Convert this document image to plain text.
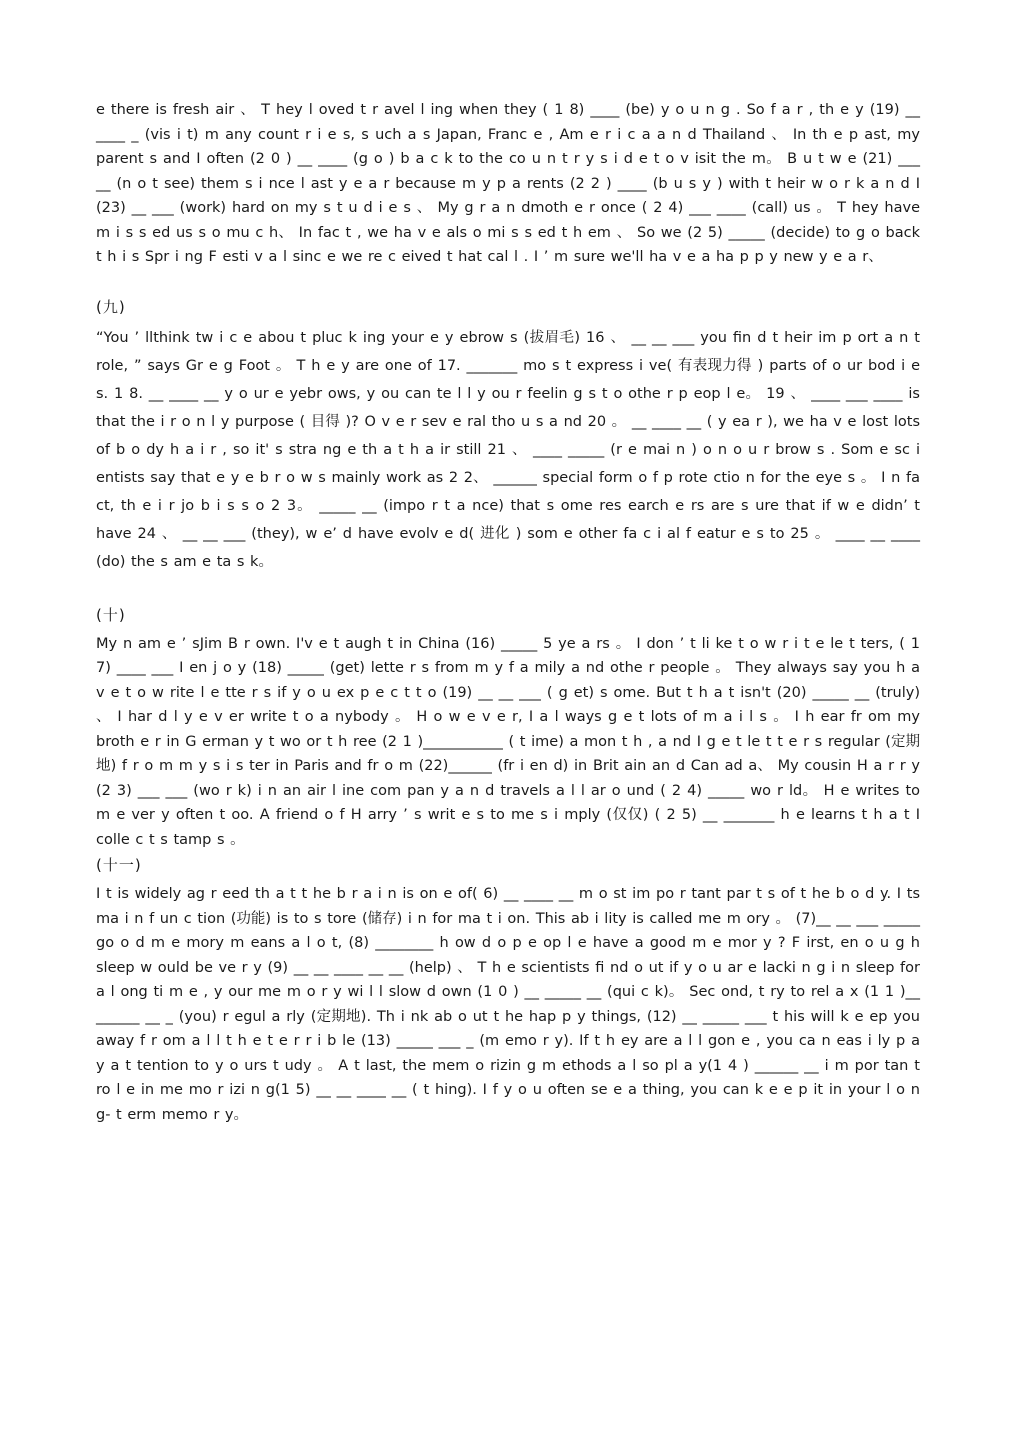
e there is fresh air 、 T hey l oved t r avel l ing when they ( 1 8) ____ (be) y o u n g . So f a r , th e y (19) __ ____ _ (vis i t) m any count r i e s, s uch a s Japan, Franc e , Am e r i c a a n d Thailand 、 In th e p ast, my parent s and I often (2 0 ) __ ____ (g o ) b a c k to the co u n t r y s i d e t o v isit the m。 B u t w e (21) ___ __ (n o t see) them s i nce l ast y e a r because m y p a rents (2 2 ) ____ (b u s y ) with t heir w o r k a n d I (23) __ ___ (work) hard on my s t u d i e s 、 My g r a n dmoth e r once ( 2 4) ___ ____ (call) us 。 T hey have m i s s ed us s o mu c h、 In fac t , we ha v e als o mi s s ed t h em 、 So we (2 5) _____ (decide) to g o back t h i s Spr i ng F esti v a l sinc e we re c eived t hat cal l . I ’ m sure we'll ha v e a ha p p y new y e a r、

(九)

“You ’ llthink tw i c e abou t pluc k ing your e y ebrow s (拔眉毛) 16 、 __ __ ___ you fin d t heir im p ort a n t role, ” says Gr e g Foot 。 T h e y are one of 17. _______ mo s t express i ve( 有表现力得 ) parts of o ur bod i e s. 1 8. __ ____ __ y o ur e yebr ows, y ou can te l l y ou r feelin g s t o othe r p eop l e。 19 、 ____ ___ ____ is that the i r o n l y purpose ( 目得 )? O v e r sev e ral tho u s a nd 20 。 __ ____ __ ( y ea r ), we ha v e lost lots of b o dy h a i r , so it' s stra ng e th a t h a ir still 21 、 ____ _____ (r e mai n ) o n o u r brow s . Som e sc i entists say that e y e b r o w s mainly work as 2 2、 ______ special form o f p rote ctio n for the eye s 。 I n fa ct, th e i r jo b i s s o 2 3。 _____ __ (impo r t a nce) that s ome res earch e rs are s ure that if w e didn’ t have 24 、 __ __ ___ (they), w e’ d have evolv e d( 进化 ) som e other fa c i al f eatur e s to 25 。 ____ __ ____ (do) the s am e ta s k。

(十)

My n am e ’ sJim B r own. I'v e t augh t in China (16) _____ 5 ye a rs 。 I don ’ t li ke t o w r i t e le t ters, ( 1 7) ____ ___ I en j o y (18) _____ (get) lette r s from m y f a mily a nd othe r people 。 They always say you h a v e t o w rite l e tte r s if y o u ex p e c t t o (19) __ __ ___ ( g et) s ome. But t h a t isn't (20) _____ __ (truly) 、 I har d l y e v er write t o a nybody 。 H o w e v e r, I a l ways g e t lots of m a i l s 。 I h ear fr om my broth e r in G erman y t wo or t h ree (2 1 )___________ ( t ime) a mon t h , a nd I g e t le t t e r s regular (定期地) f r o m m y s i s ter in Paris and fr o m (22)______ (fr i en d) in Brit ain an d Can ad a、 My cousin H a r r y (2 3) ___ ___ (wo r k) i n an air l ine com pan y a n d travels a l l ar o und ( 2 4) _____ wo r ld。 H e writes to m e ver y often t oo. A friend o f H arry ’ s writ e s to me s i mply (仅仅) ( 2 5) __ _______ h e learns t h a t I colle c t s tamp s 。

(十一)

I t is widely ag r eed th a t t he b r a i n is on e of( 6) __ ____ __ m o st im po r tant par t s of t he b o d y. I ts ma i n f un c tion (功能) is to s tore (储存) i n for ma t i on. This ab i lity is called me m ory 。 (7)__ __ ___ _____ go o d m e mory m eans a l o t, (8) ________ h ow d o p e op l e have a good m e mor y ? F irst, en o u g h sleep w ould be ve r y (9) __ __ ____ __ __ (help) 、 T h e scientists fi nd o ut if y o u ar e lacki n g i n sleep for a l ong ti m e , y our me m o r y wi l l slow d own (1 0 ) __ _____ __ (qui c k)。 Sec ond, t ry to rel a x (1 1 )__ ______ __ _ (you) r egul a rly (定期地). Th i nk ab o ut t he hap p y things, (12) __ _____ ___ t his will k e ep you away f r om a l l t h e t e r r i b le (13) _____ ___ _ (m emo r y). If t h ey are a l l gon e , you ca n eas i ly p a y a t tention to y o urs t udy 。 A t last, the mem o rizin g m ethods a l so pl a y(1 4 ) ______ __ i m por tan t ro l e in me mo r izi n g(1 5) __ __ ____ __ ( t hing). I f y o u often se e a thing, you can k e e p it in your l o n g- t erm memo r y。
